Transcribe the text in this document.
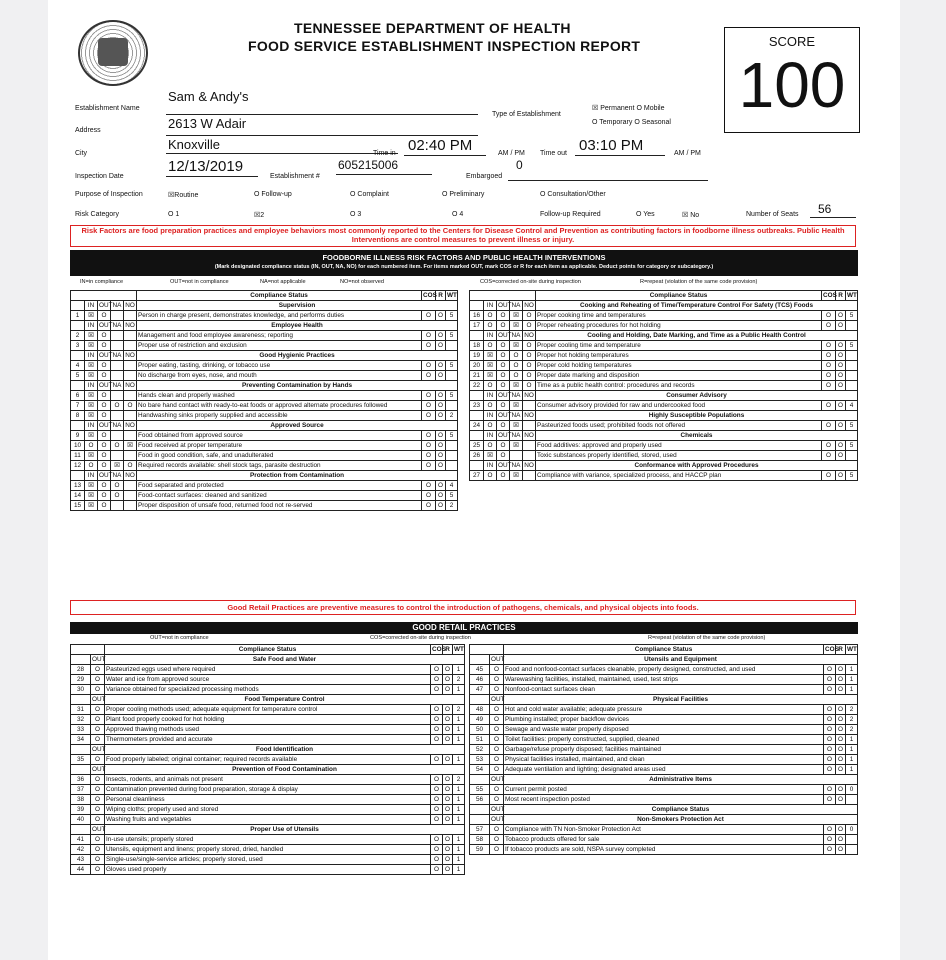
TENNESSEE DEPARTMENT OF HEALTH
FOOD SERVICE ESTABLISHMENT INSPECTION REPORT	SCORE
100
Establishment Name
Sam & Andy's
Type of Establishment
☒ Permanent O Mobile

O Temporary O Seasonal
Address	2613 W Adair
City
Knoxville
Time in 02:40 PM	AM / PM Time out 03:10 PM	AM / PM
Inspection Date
12/13/2019
Establishment #
605215006	0
Embargoed
Purpose of Inspection	☒Routine	O Follow-up	O Complaint	O Preliminary	O Consultation/Other
Risk Category	O 1	☒2	O 3	O 4	Follow-up Required	O Yes	☒ No	Number of Seats 56
Risk Factors are food preparation practices and employee behaviors most commonly reported to the Centers for Disease Control and Prevention as contributing factors in foodborne illness outbreaks. Public Health Interventions are control measures to prevent illness or injury.
FOODBORNE ILLNESS RISK FACTORS AND PUBLIC HEALTH INTERVENTIONS
(Mark designated compliance status (IN, OUT, NA, NO) for each numbered item. For items marked OUT, mark COS or R for each item as applicable. Deduct points for category or subcategory.)
IN=in compliance	OUT=not in compliance	NA=not applicable	NO=not observed	COS=corrected on-site during inspection	R=repeat (violation of the same code provision)
					Compliance Status	COS	R	WT
	IN	OUT	NA	NO	Supervision			
1	☒	O			Person in charge present, demonstrates knowledge, and performs duties	O	O	5
	IN	OUT	NA	NO	Employee Health			
2	☒	O			Management and food employee awareness; reporting	O	O	5
3	☒	O			Proper use of restriction and exclusion	O	O	
	IN	OUT	NA	NO	Good Hygienic Practices			
4	☒	O			Proper eating, tasting, drinking, or tobacco use	O	O	5
5	☒	O			No discharge from eyes, nose, and mouth	O	O	
	IN	OUT	NA	NO	Preventing Contamination by Hands			
6	☒	O			Hands clean and properly washed	O	O	5
7	☒	O	O	O	No bare hand contact with ready-to-eat foods or approved alternate procedures followed	O	O	
8	☒	O			Handwashing sinks properly supplied and accessible	O	O	2
	IN	OUT	NA	NO	Approved Source			
9	☒	O			Food obtained from approved source	O	O	5
10	O	O	O	☒	Food received at proper temperature	O	O	
11	☒	O			Food in good condition, safe, and unadulterated	O	O	
12	O	O	☒	O	Required records available: shell stock tags, parasite destruction	O	O	
	IN	OUT	NA	NO	Protection from Contamination			
13	☒	O	O		Food separated and protected	O	O	4
14	☒	O	O		Food-contact surfaces: cleaned and sanitized	O	O	5
15	☒	O			Proper disposition of unsafe food, returned food not re-served	O	O	2
					Compliance Status	COS	R	WT
	IN	OUT	NA	NO	Cooking and Reheating of Time/Temperature Control For Safety (TCS) Foods			
16	O	O	☒	O	Proper cooking time and temperatures	O	O	5
17	O	O	☒	O	Proper reheating procedures for hot holding	O	O	
	IN	OUT	NA	NO	Cooling and Holding, Date Marking, and Time as a Public Health Control			
18	O	O	☒	O	Proper cooling time and temperature	O	O	5
19	☒	O	O	O	Proper hot holding temperatures	O	O	
20	☒	O	O	O	Proper cold holding temperatures	O	O	
21	☒	O	O	O	Proper date marking and disposition	O	O	
22	O	O	☒	O	Time as a public health control: procedures and records	O	O	
	IN	OUT	NA	NO	Consumer Advisory			
23	O	O	☒		Consumer advisory provided for raw and undercooked food	O	O	4
	IN	OUT	NA	NO	Highly Susceptible Populations			
24	O	O	☒		Pasteurized foods used; prohibited foods not offered	O	O	5
	IN	OUT	NA	NO	Chemicals			
25	O	O	☒		Food additives: approved and properly used	O	O	5
26	☒	O			Toxic substances properly identified, stored, used	O	O	
	IN	OUT	NA	NO	Conformance with Approved Procedures			
27	O	O	☒		Compliance with variance, specialized process, and HACCP plan	O	O	5
Good Retail Practices are preventive measures to control the introduction of pathogens, chemicals, and physical objects into foods.
GOOD RETAIL PRACTICES
OUT=not in compliance	COS=corrected on-site during inspection	R=repeat (violation of the same code provision)
		Compliance Status	COS	R	WT
	OUT	Safe Food and Water			
28	O	Pasteurized eggs used where required	O	O	1
29	O	Water and ice from approved source	O	O	2
30	O	Variance obtained for specialized processing methods	O	O	1
	OUT	Food Temperature Control			
31	O	Proper cooling methods used; adequate equipment for temperature control	O	O	2
32	O	Plant food properly cooked for hot holding	O	O	1
33	O	Approved thawing methods used	O	O	1
34	O	Thermometers provided and accurate	O	O	1
	OUT	Food Identification			
35	O	Food properly labeled; original container; required records available	O	O	1
	OUT	Prevention of Food Contamination			
36	O	Insects, rodents, and animals not present	O	O	2
37	O	Contamination prevented during food preparation, storage & display	O	O	1
38	O	Personal cleanliness	O	O	1
39	O	Wiping cloths; properly used and stored	O	O	1
40	O	Washing fruits and vegetables	O	O	1
	OUT	Proper Use of Utensils			
41	O	In-use utensils; properly stored	O	O	1
42	O	Utensils, equipment and linens; properly stored, dried, handled	O	O	1
43	O	Single-use/single-service articles; properly stored, used	O	O	1
44	O	Gloves used properly	O	O	1
		Compliance Status	COS	R	WT
	OUT	Utensils and Equipment			
45	O	Food and nonfood-contact surfaces cleanable, properly designed, constructed, and used	O	O	1
46	O	Warewashing facilities, installed, maintained, used, test strips	O	O	1
47	O	Nonfood-contact surfaces clean	O	O	1
	OUT	Physical Facilities			
48	O	Hot and cold water available; adequate pressure	O	O	2
49	O	Plumbing installed; proper backflow devices	O	O	2
50	O	Sewage and waste water properly disposed	O	O	2
51	O	Toilet facilities: properly constructed, supplied, cleaned	O	O	1
52	O	Garbage/refuse properly disposed; facilities maintained	O	O	1
53	O	Physical facilities installed, maintained, and clean	O	O	1
54	O	Adequate ventilation and lighting; designated areas used	O	O	1
	OUT	Administrative Items			
55	O	Current permit posted	O	O	0
56	O	Most recent inspection posted	O	O	
	OUT	Compliance Status			
	OUT	Non-Smokers Protection Act			
57	O	Compliance with TN Non-Smoker Protection Act	O	O	0
58	O	Tobacco products offered for sale	O	O	
59	O	If tobacco products are sold, NSPA survey completed	O	O	
